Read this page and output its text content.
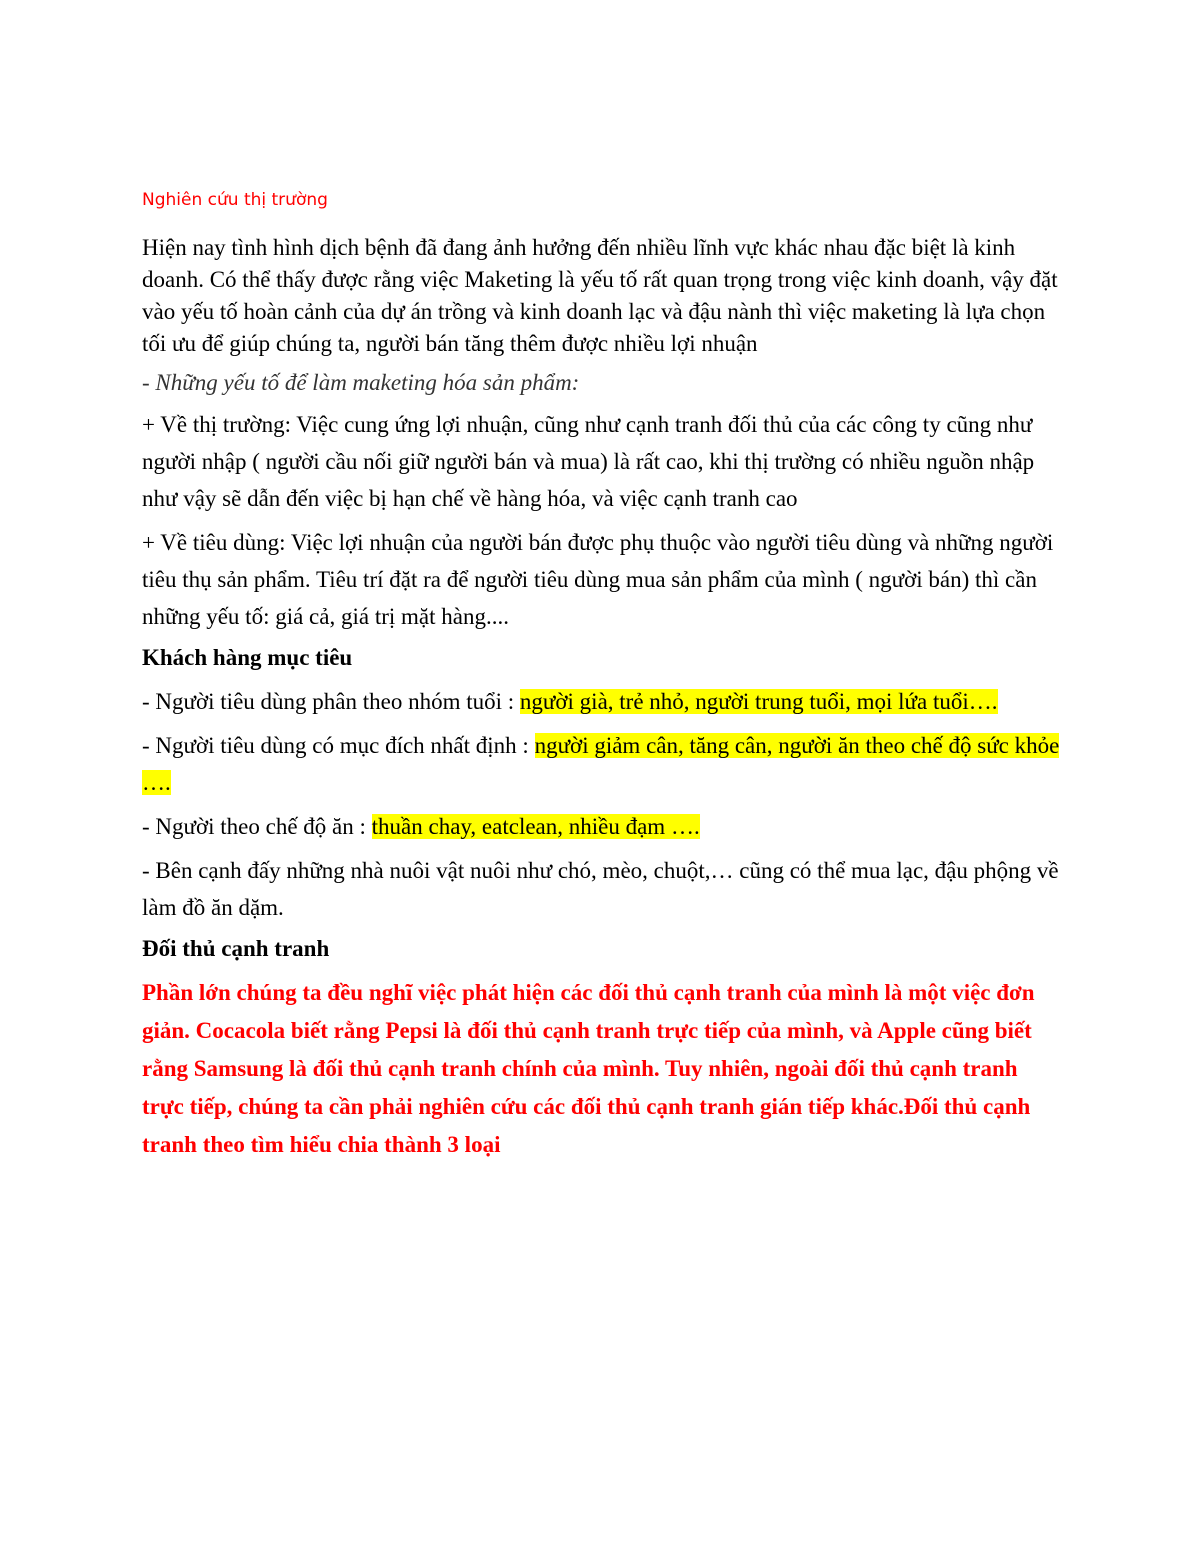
Nghiên cứu thị trường

Hiện nay tình hình dịch bệnh đã đang ảnh hưởng đến nhiều lĩnh vực khác nhau đặc biệt là kinh doanh. Có thể thấy được rằng việc Maketing là yếu tố rất quan trọng trong việc kinh doanh, vậy đặt vào yếu tố hoàn cảnh của dự án trồng và kinh doanh lạc và đậu nành thì việc maketing là lựa chọn tối ưu để giúp chúng ta, người bán tăng thêm được nhiều lợi nhuận

- Những yếu tố để làm maketing hóa sản phẩm:

+ Về thị trường: Việc cung ứng lợi nhuận, cũng như cạnh tranh đối thủ của các công ty cũng như người nhập ( người cầu nối giữ người bán và mua) là rất cao, khi thị trường có nhiều nguồn nhập như vậy sẽ dẫn đến việc bị hạn chế về hàng hóa, và việc cạnh tranh cao

+ Về tiêu dùng: Việc lợi nhuận của người bán được phụ thuộc vào người tiêu dùng và những người tiêu thụ sản phẩm. Tiêu trí đặt ra để người tiêu dùng mua sản phẩm của mình ( người bán) thì cần những yếu tố: giá cả, giá trị mặt hàng....

Khách hàng mục tiêu

- Người tiêu dùng phân theo nhóm tuổi : người già, trẻ nhỏ, người trung tuổi, mọi lứa tuổi….

- Người tiêu dùng có mục đích nhất định : người giảm cân, tăng cân, người ăn theo chế độ sức khỏe ….

- Người theo chế độ ăn : thuần chay, eatclean, nhiều đạm ….

- Bên cạnh đấy những nhà nuôi vật nuôi như chó, mèo, chuột,… cũng có thể mua lạc, đậu phộng về làm đồ ăn dặm.

Đối thủ cạnh tranh

Phần lớn chúng ta đều nghĩ việc phát hiện các đối thủ cạnh tranh của mình là một việc đơn giản. Cocacola biết rằng Pepsi là đối thủ cạnh tranh trực tiếp của mình, và Apple cũng biết rằng Samsung là đối thủ cạnh tranh chính của mình. Tuy nhiên, ngoài đối thủ cạnh tranh trực tiếp, chúng ta cần phải nghiên cứu các đối thủ cạnh tranh gián tiếp khác.Đối thủ cạnh tranh theo tìm hiểu chia thành 3 loại
